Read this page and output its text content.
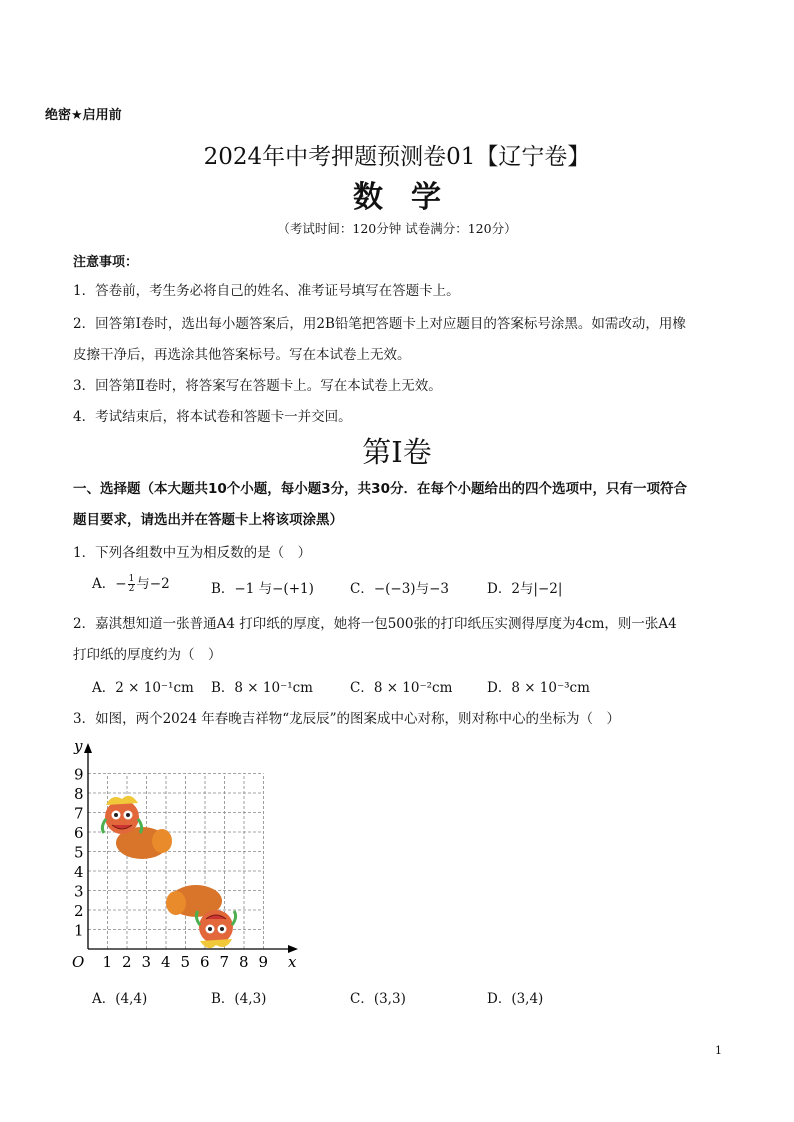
绝密★启用前
2024年中考押题预测卷01【辽宁卷】
数学
（考试时间：120分钟 试卷满分：120分）
注意事项：
1．答卷前，考生务必将自己的姓名、准考证号填写在答题卡上。
2．回答第Ⅰ卷时，选出每小题答案后，用2B铅笔把答题卡上对应题目的答案标号涂黑。如需改动，用橡
皮擦干净后，再选涂其他答案标号。写在本试卷上无效。
3．回答第Ⅱ卷时，将答案写在答题卡上。写在本试卷上无效。
4．考试结束后，将本试卷和答题卡一并交回。
第Ⅰ卷
一、选择题（本大题共10个小题，每小题3分，共30分．在每个小题给出的四个选项中，只有一项符合
题目要求，请选出并在答题卡上将该项涂黑）
1．下列各组数中互为相反数的是（　）
A．− $\frac{1}{2}$ 与−2	B．−1 与−(+1)	C．−(−3)与−3	D．2与|−2|
2．嘉淇想知道一张普通A4 打印纸的厚度，她将一包500张的打印纸压实测得厚度为4cm，则一张A4
打印纸的厚度约为（　）
A．2 × 10⁻¹cm B．8 × 10⁻¹cm	C．8 × 10⁻²cm	D．8 × 10⁻³cm
3．如图，两个2024 年春晚吉祥物“龙辰辰”的图案成中心对称，则对称中心的坐标为（　）
1 2 3 4 5 6 7 8 9
1
2
3
4
5
6
7
8
9
O	x
y
A．(4,4)	B．(4,3)	C．(3,3)	D．(3,4)
1
